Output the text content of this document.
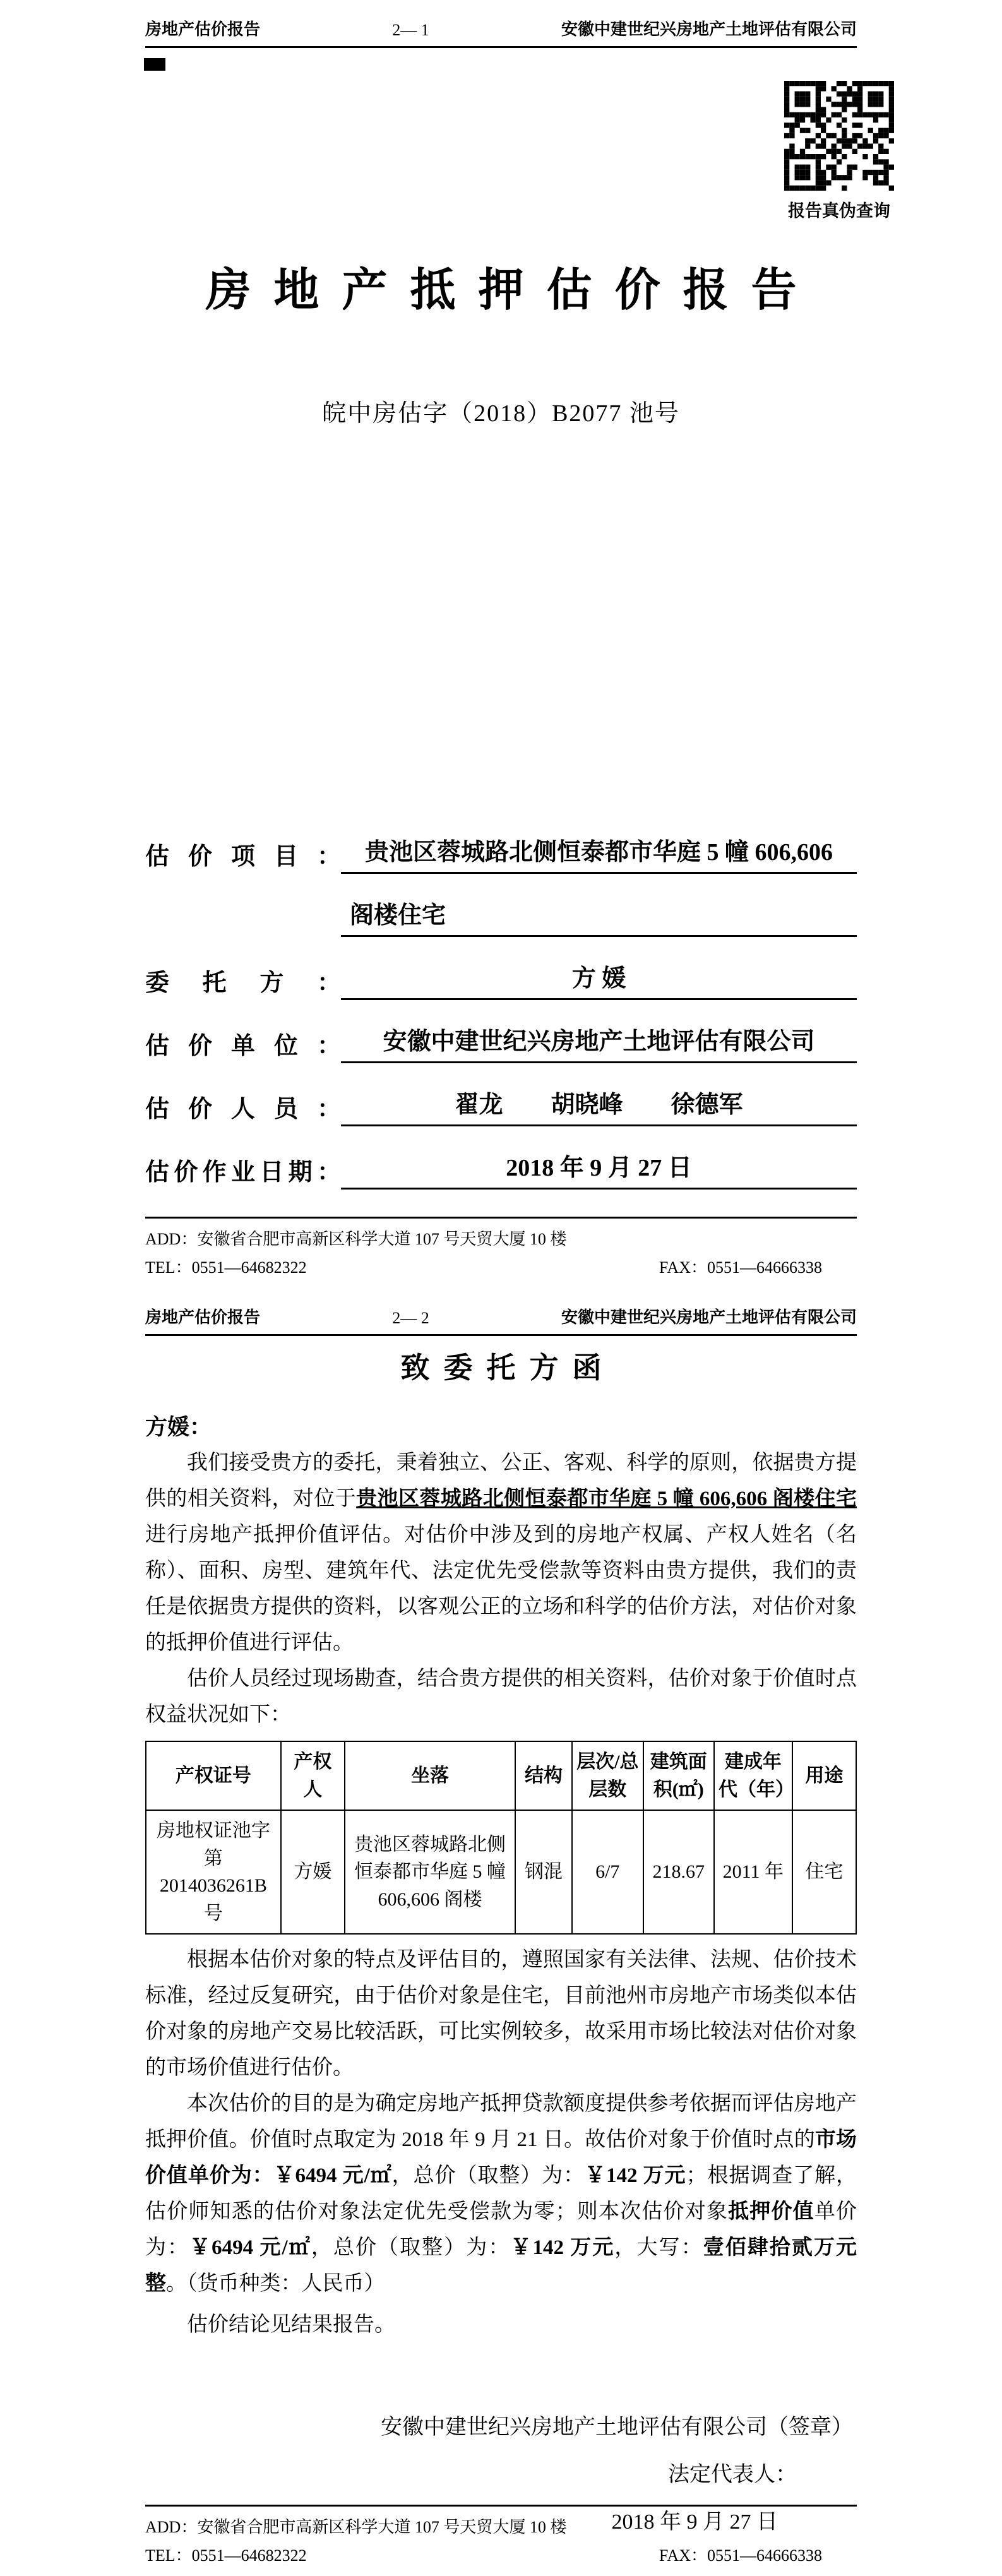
房地产估价报告	2— 1	安徽中建世纪兴房地产土地评估有限公司
报告真伪查询
房地产抵押估价报告
皖中房估字（2018）B2077 池号
估价项目： 贵池区蓉城路北侧恒泰都市华庭 5 幢 606,606
阁楼住宅
委托方：	方 媛
估价单位：	安徽中建世纪兴房地产土地评估有限公司
估价人员：	翟龙　　胡晓峰　　徐德军
估价作业日期：	2018 年 9 月 27 日
ADD：安徽省合肥市高新区科学大道 107 号天贸大厦 10 楼
TEL：0551—64682322	FAX：0551—64666338
房地产估价报告	2— 2	安徽中建世纪兴房地产土地评估有限公司
致委托方函
方媛：

我们接受贵方的委托，秉着独立、公正、客观、科学的原则，依据贵方提供的相关资料，对位于贵池区蓉城路北侧恒泰都市华庭 5 幢 606,606 阁楼住宅进行房地产抵押价值评估。对估价中涉及到的房地产权属、产权人姓名（名称）、面积、房型、建筑年代、法定优先受偿款等资料由贵方提供，我们的责任是依据贵方提供的资料，以客观公正的立场和科学的估价方法，对估价对象的抵押价值进行评估。

估价人员经过现场勘查，结合贵方提供的相关资料，估价对象于价值时点权益状况如下：

产权证号	产权人	坐落	结构	层次/总层数	建筑面积(㎡)	建成年代（年）	用途
房地权证池字第 2014036261B 号	方媛	贵池区蓉城路北侧恒泰都市华庭 5 幢 606,606 阁楼	钢混	6/7	218.67	2011 年	住宅

根据本估价对象的特点及评估目的，遵照国家有关法律、法规、估价技术标准，经过反复研究，由于估价对象是住宅，目前池州市房地产市场类似本估价对象的房地产交易比较活跃，可比实例较多，故采用市场比较法对估价对象的市场价值进行估价。

本次估价的目的是为确定房地产抵押贷款额度提供参考依据而评估房地产抵押价值。价值时点取定为 2018 年 9 月 21 日。故估价对象于价值时点的市场价值单价为：￥6494 元/㎡，总价（取整）为：￥142 万元；根据调查了解，估价师知悉的估价对象法定优先受偿款为零；则本次估价对象抵押价值单价为：￥6494 元/㎡，总价（取整）为：￥142 万元，大写：壹佰肆拾贰万元整。（货币种类：人民币）

估价结论见结果报告。

安徽中建世纪兴房地产土地评估有限公司（签章）
法定代表人：
2018 年 9 月 27 日
ADD：安徽省合肥市高新区科学大道 107 号天贸大厦 10 楼
TEL：0551—64682322	FAX：0551—64666338
